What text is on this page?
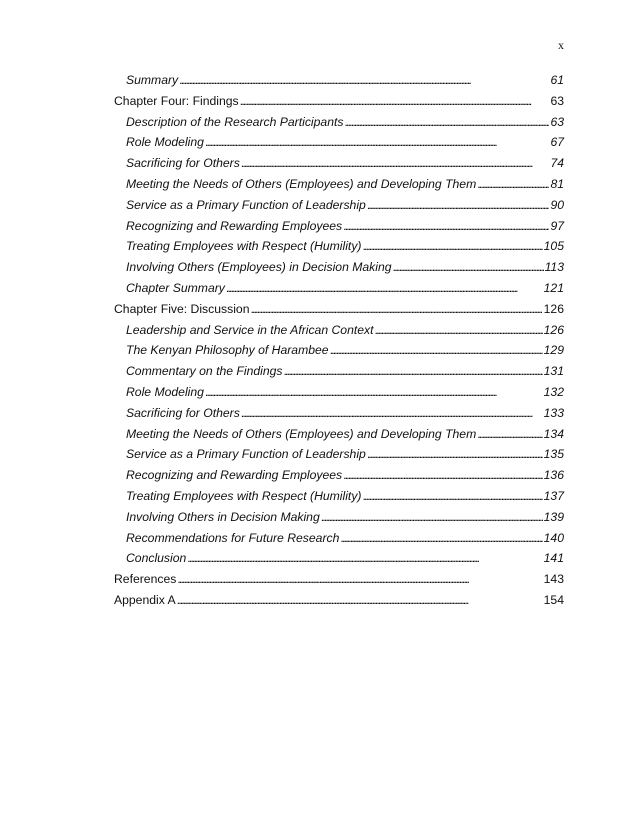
x
Summary . . .	61
Chapter Four: Findings . . .	63
Description of the Research Participants . . .	63
Role Modeling . . .	67
Sacrificing for Others . . .	74
Meeting the Needs of Others (Employees) and Developing Them . . .	81
Service as a Primary Function of Leadership . . .	90
Recognizing and Rewarding Employees . . .	97
Treating Employees with Respect (Humility) . . .	105
Involving Others (Employees) in Decision Making . . .	113
Chapter Summary . . .	121
Chapter Five: Discussion . . .	126
Leadership and Service in the African Context . . .	126
The Kenyan Philosophy of Harambee . . .	129
Commentary on the Findings . . .	131
Role Modeling . . .	132
Sacrificing for Others . . .	133
Meeting the Needs of Others (Employees) and Developing Them . . .	134
Service as a Primary Function of Leadership . . .	135
Recognizing and Rewarding Employees . . .	136
Treating Employees with Respect (Humility) . . .	137
Involving Others in Decision Making . . .	139
Recommendations for Future Research . . .	140
Conclusion . . .	141
References . . .	143
Appendix A . . .	154
